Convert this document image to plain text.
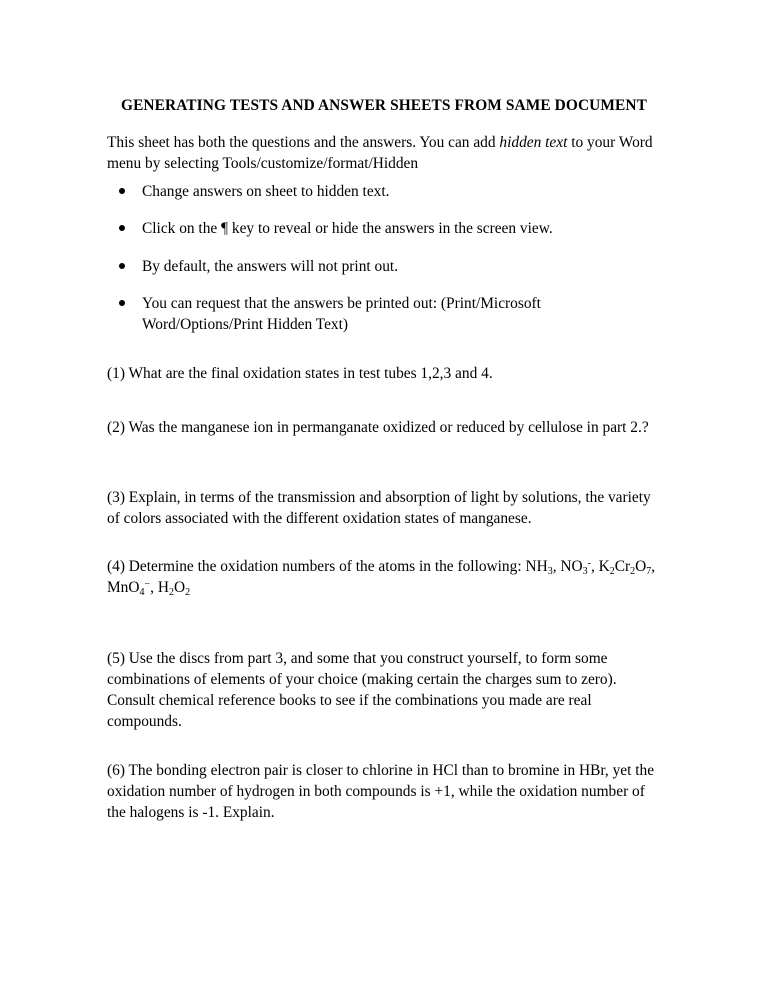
GENERATING TESTS AND ANSWER SHEETS FROM SAME DOCUMENT
This sheet has both the questions and the answers. You can add hidden text to your Word menu by selecting Tools/customize/format/Hidden
Change answers on sheet to hidden text.
Click on the ¶ key to reveal or hide the answers in the screen view.
By default, the answers will not print out.
You can request that the answers be printed out: (Print/Microsoft Word/Options/Print Hidden Text)
(1) What are the final oxidation states in test tubes 1,2,3 and 4.
(2) Was the manganese ion in permanganate oxidized or reduced by cellulose in part 2.?
(3) Explain, in terms of the transmission and absorption of light by solutions, the variety of colors associated with the different oxidation states of manganese.
(4) Determine the oxidation numbers of the atoms in the following: $NH_3$, $NO_3^-$, $K_2Cr_2O_7$,
MnO$_4$−, $H_2O_2$
(5) Use the discs from part 3, and some that you construct yourself, to form some combinations of elements of your choice (making certain the charges sum to zero). Consult chemical reference books to see if the combinations you made are real compounds.
(6) The bonding electron pair is closer to chlorine in HCl than to bromine in HBr, yet the oxidation number of hydrogen in both compounds is +1, while the oxidation number of the halogens is -1. Explain.
